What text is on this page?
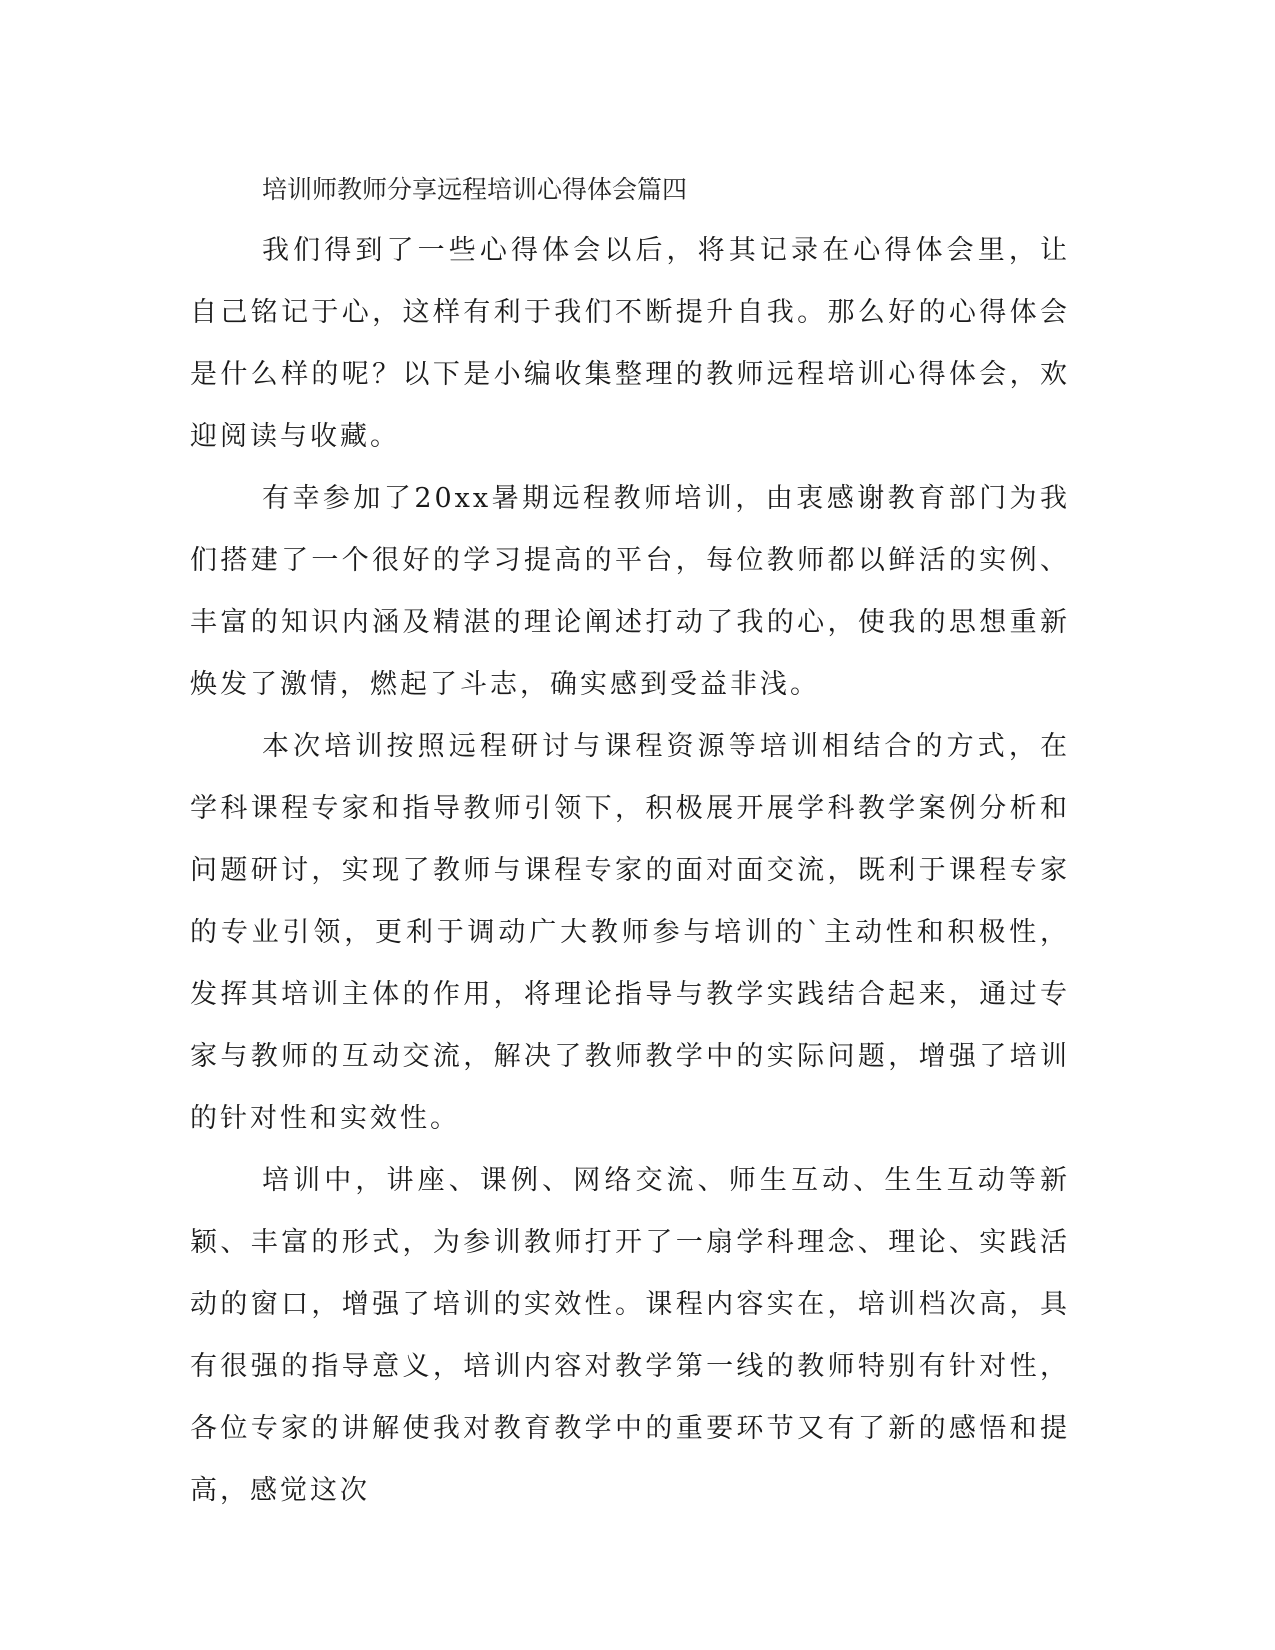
培训师教师分享远程培训心得体会篇四

我们得到了一些心得体会以后，将其记录在心得体会里，让自己铭记于心，这样有利于我们不断提升自我。那么好的心得体会是什么样的呢？以下是小编收集整理的教师远程培训心得体会，欢迎阅读与收藏。

有幸参加了20xx暑期远程教师培训，由衷感谢教育部门为我们搭建了一个很好的学习提高的平台，每位教师都以鲜活的实例、丰富的知识内涵及精湛的理论阐述打动了我的心，使我的思想重新焕发了激情，燃起了斗志，确实感到受益非浅。

本次培训按照远程研讨与课程资源等培训相结合的方式，在学科课程专家和指导教师引领下，积极展开展学科教学案例分析和问题研讨，实现了教师与课程专家的面对面交流，既利于课程专家的专业引领，更利于调动广大教师参与培训的`主动性和积极性，发挥其培训主体的作用，将理论指导与教学实践结合起来，通过专家与教师的互动交流，解决了教师教学中的实际问题，增强了培训的针对性和实效性。

培训中，讲座、课例、网络交流、师生互动、生生互动等新颖、丰富的形式，为参训教师打开了一扇学科理念、理论、实践活动的窗口，增强了培训的实效性。课程内容实在，培训档次高，具有很强的指导意义，培训内容对教学第一线的教师特别有针对性，各位专家的讲解使我对教育教学中的重要环节又有了新的感悟和提高，感觉这次
